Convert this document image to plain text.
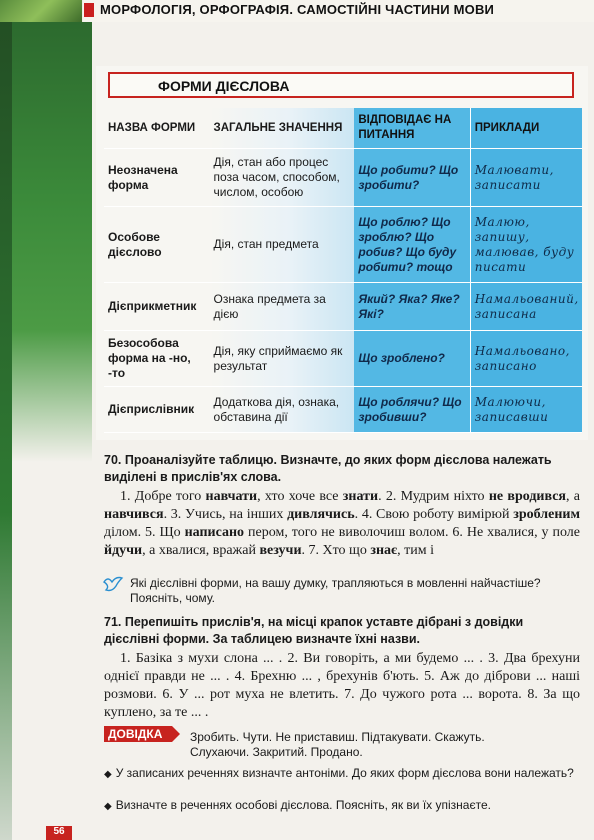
МОРФОЛОГІЯ, ОРФОГРАФІЯ. САМОСТІЙНІ ЧАСТИНИ МОВИ
ФОРМИ ДІЄСЛОВА
НАЗВА ФОРМИ	ЗАГАЛЬНЕ ЗНАЧЕННЯ	ВІДПОВІДАЄ НА ПИТАННЯ	ПРИКЛАДИ
Неозначена форма	Дія, стан або процес поза часом, способом, числом, особою	Що робити? Що зробити?	Малювати, записати
Особове дієслово	Дія, стан предмета	Що роблю? Що зроблю? Що робив? Що буду робити? тощо	Малюю, запишу, малював, буду писати
Дієприкметник	Ознака предмета за дією	Який? Яка? Яке? Які?	Намальований, записана
Безособова форма на -но, -то	Дія, яку сприймаємо як результат	Що зроблено?	Намальовано, записано
Дієприслівник	Додаткова дія, ознака, обставина дії	Що роблячи? Що зробивши?	Малюючи, записавши
70. Проаналізуйте таблицю. Визначте, до яких форм дієслова належать виділені в прислів'ях слова.
1. Добре того навчати, хто хоче все знати. 2. Мудрим ніхто не вродився, а навчився. 3. Учись, на інших дивлячись. 4. Свою роботу вимірюй зробленим ділом. 5. Що написано пером, того не виволочиш волом. 6. Не хвалися, у поле йдучи, а хвалися, вражай везучи. 7. Хто що знає, тим і
Які дієслівні форми, на вашу думку, трапляються в мовленні найчастіше? Поясніть, чому.
71. Перепишіть прислів'я, на місці крапок уставте дібрані з довідки дієслівні форми. За таблицею визначте їхні назви.
1. Базіка з мухи слона ... . 2. Ви говоріть, а ми будемо ... . 3. Два брехуни однієї правди не ... . 4. Брехню ... , брехунів б'ють. 5. Аж до діброви ... наші розмови. 6. У ... рот муха не влетить. 7. До чужого рота ... ворота. 8. За що куплено, за те ... .
ДОВІДКА	Зробить. Чути. Не приставиш. Підтакувати. Скажуть.
Слухаючи. Закритий. Продано.
◆ У записаних реченнях визначте антоніми. До яких форм дієслова вони належать?
◆ Визначте в реченнях особові дієслова. Поясніть, як ви їх упізнаєте.
56
